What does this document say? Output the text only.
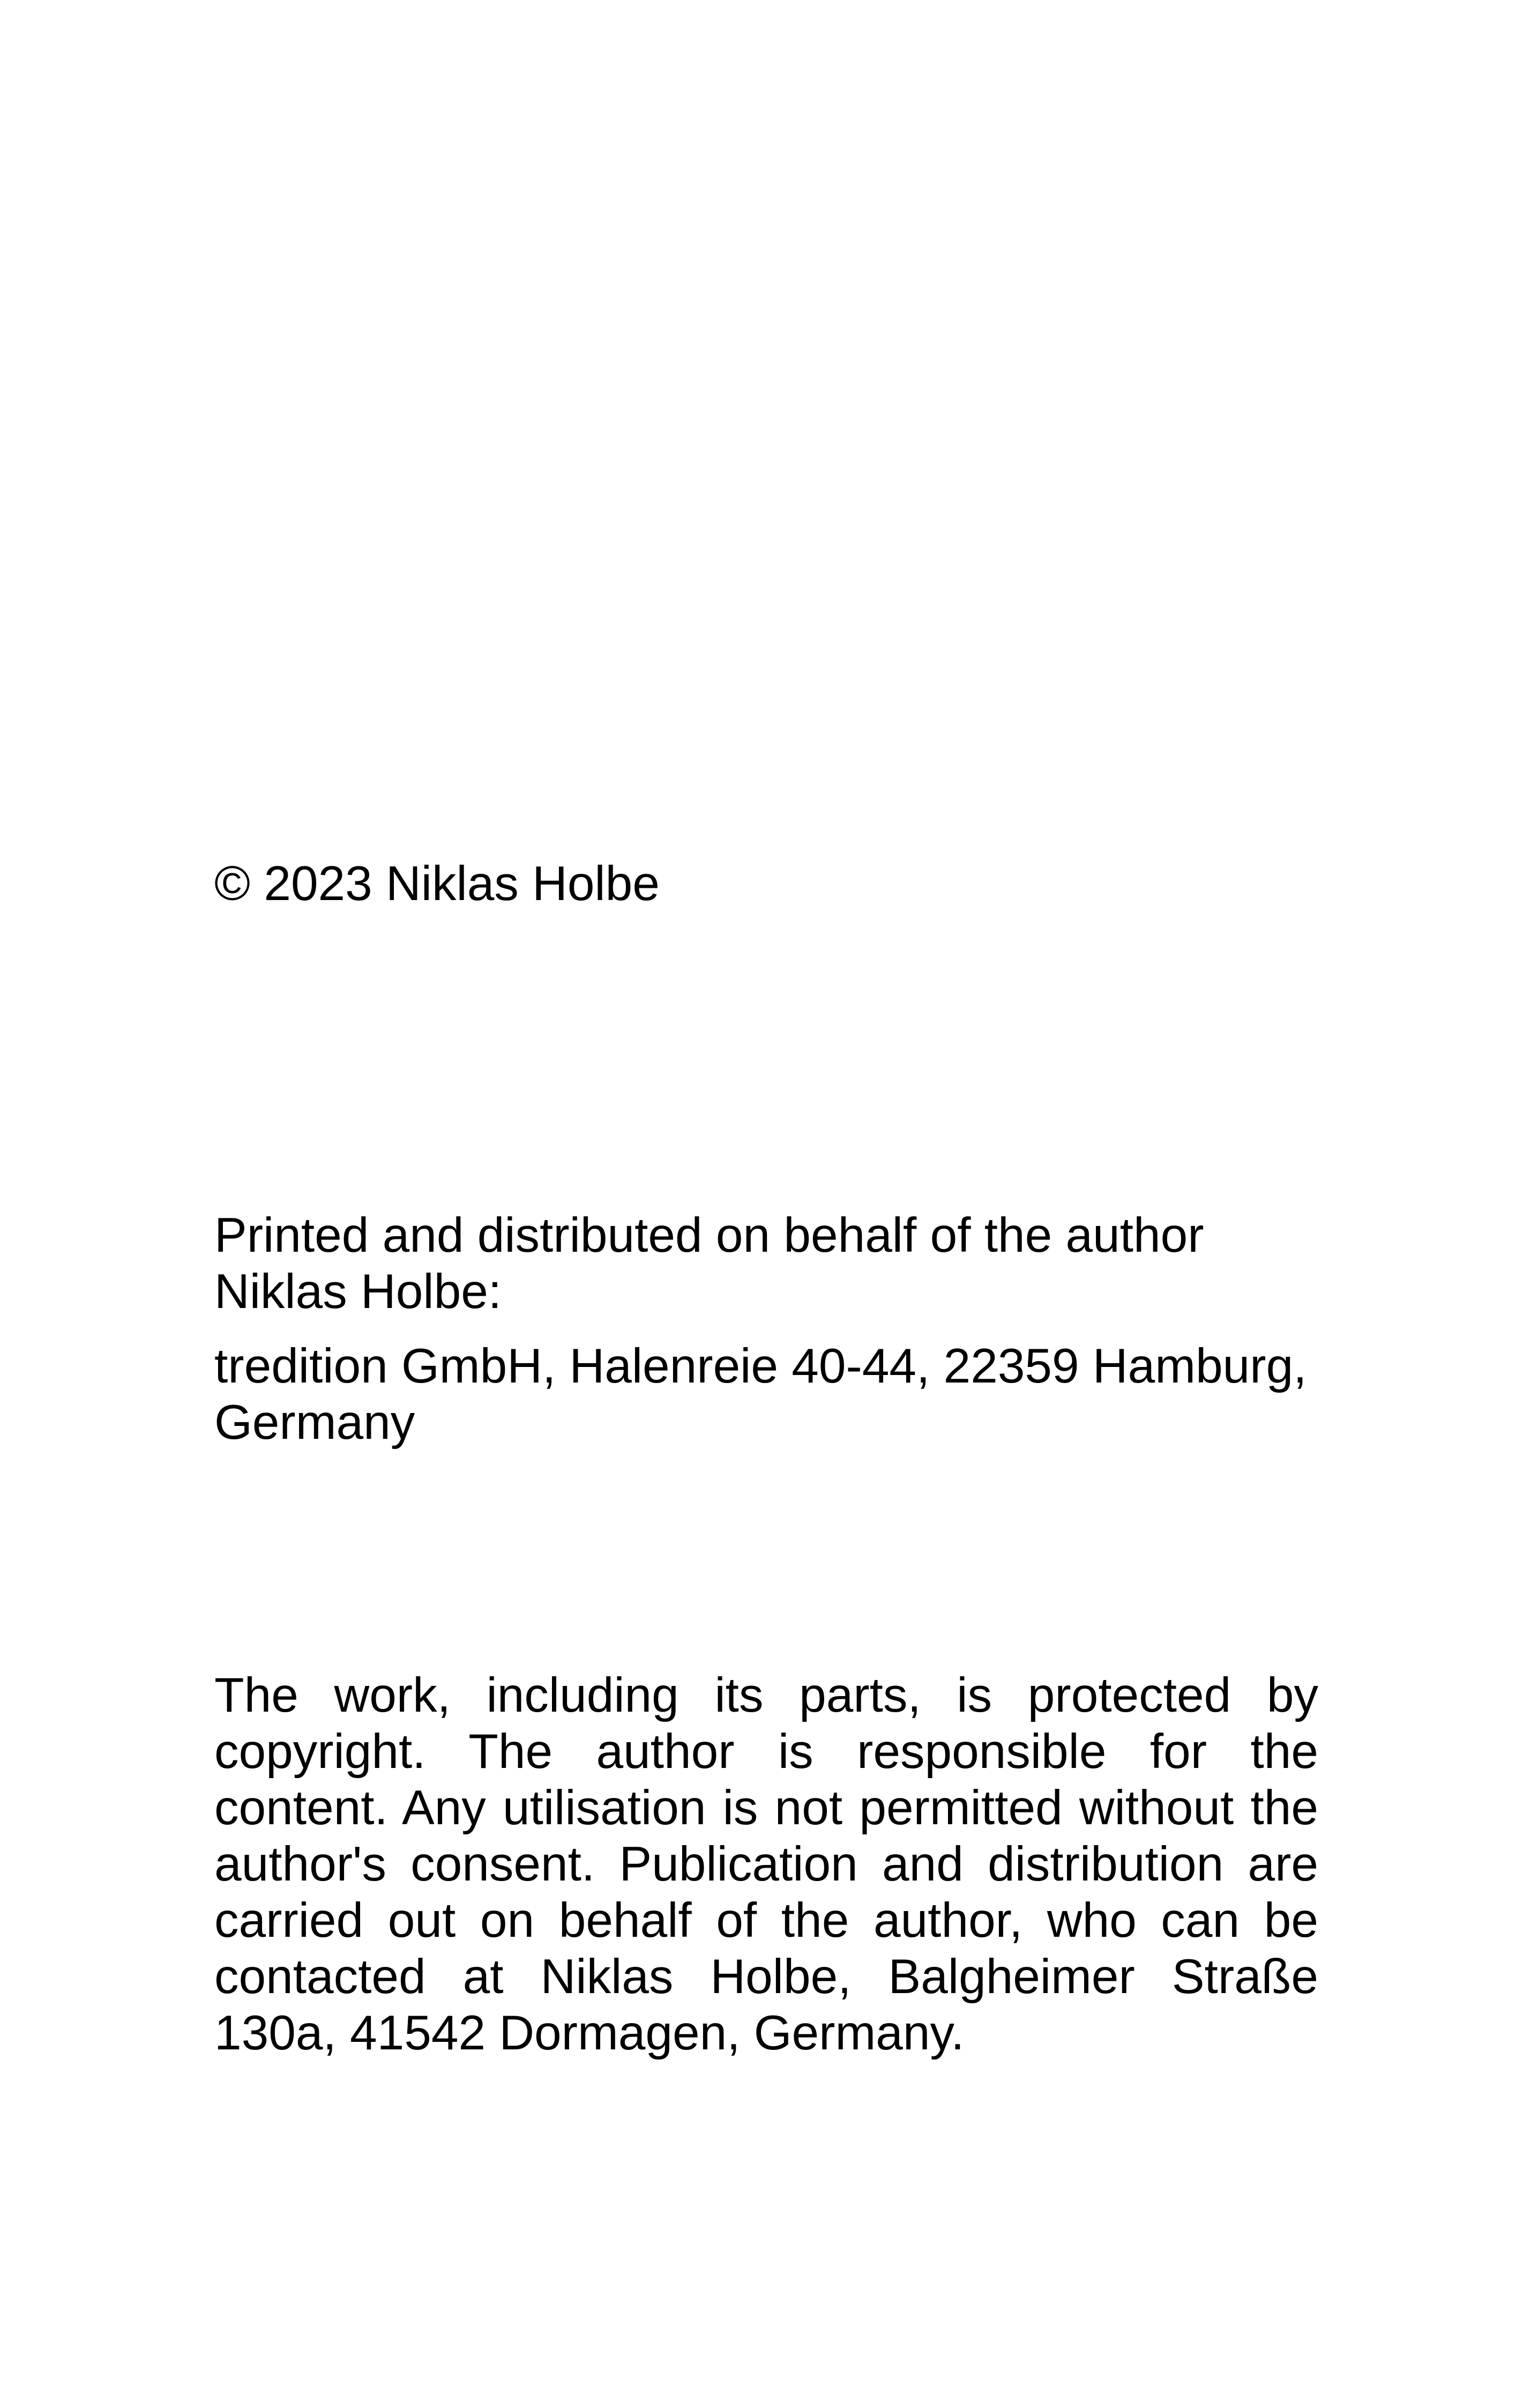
© 2023 Niklas Holbe

Printed and distributed on behalf of the author Niklas Holbe:

tredition GmbH, Halenreie 40-44, 22359 Hamburg, Germany

The work, including its parts, is protected by copyright. The author is responsible for the content. Any utilisation is not permitted without the author's consent. Publication and distribution are carried out on behalf of the author, who can be contacted at Niklas Holbe, Balgheimer Straße 130a, 41542 Dormagen, Germany.
